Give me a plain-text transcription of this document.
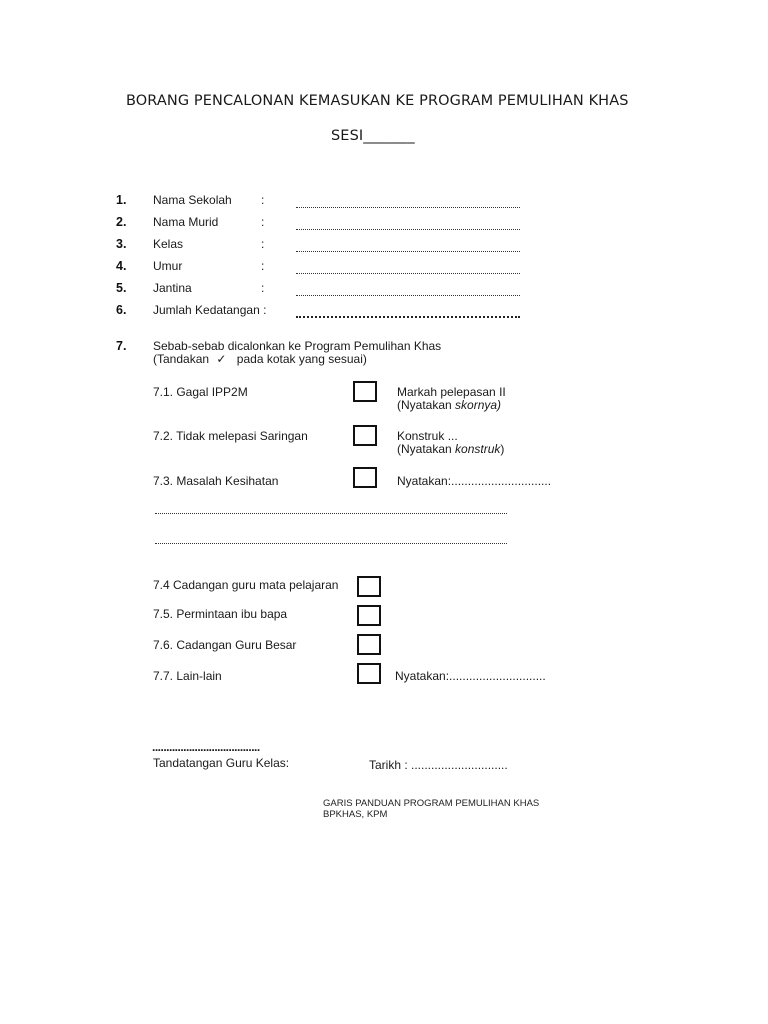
BORANG PENCALONAN KEMASUKAN KE PROGRAM PEMULIHAN KHAS
SESI_______
1. Nama Sekolah :
2. Nama Murid	:
3. Kelas	:
4. Umur	:
5. Jantina	:
6. Jumlah Kedatangan :
7. Sebab-sebab dicalonkan ke Program Pemulihan Khas
(Tandakan ✓ pada kotak yang sesuai)
7.1. Gagal IPP2M	Markah pelepasan II
(Nyatakan skornya)
7.2. Tidak melepasi Saringan	Konstruk ...
(Nyatakan konstruk)
7.3. Masalah Kesihatan	Nyatakan:..............................
7.4 Cadangan guru mata pelajaran
7.5. Permintaan ibu bapa
7.6. Cadangan Guru Besar
7.7. Lain-lain	Nyatakan:.............................
......................................
Tandatangan Guru Kelas:	Tarikh : .............................
GARIS PANDUAN PROGRAM PEMULIHAN KHAS
BPKHAS, KPM
